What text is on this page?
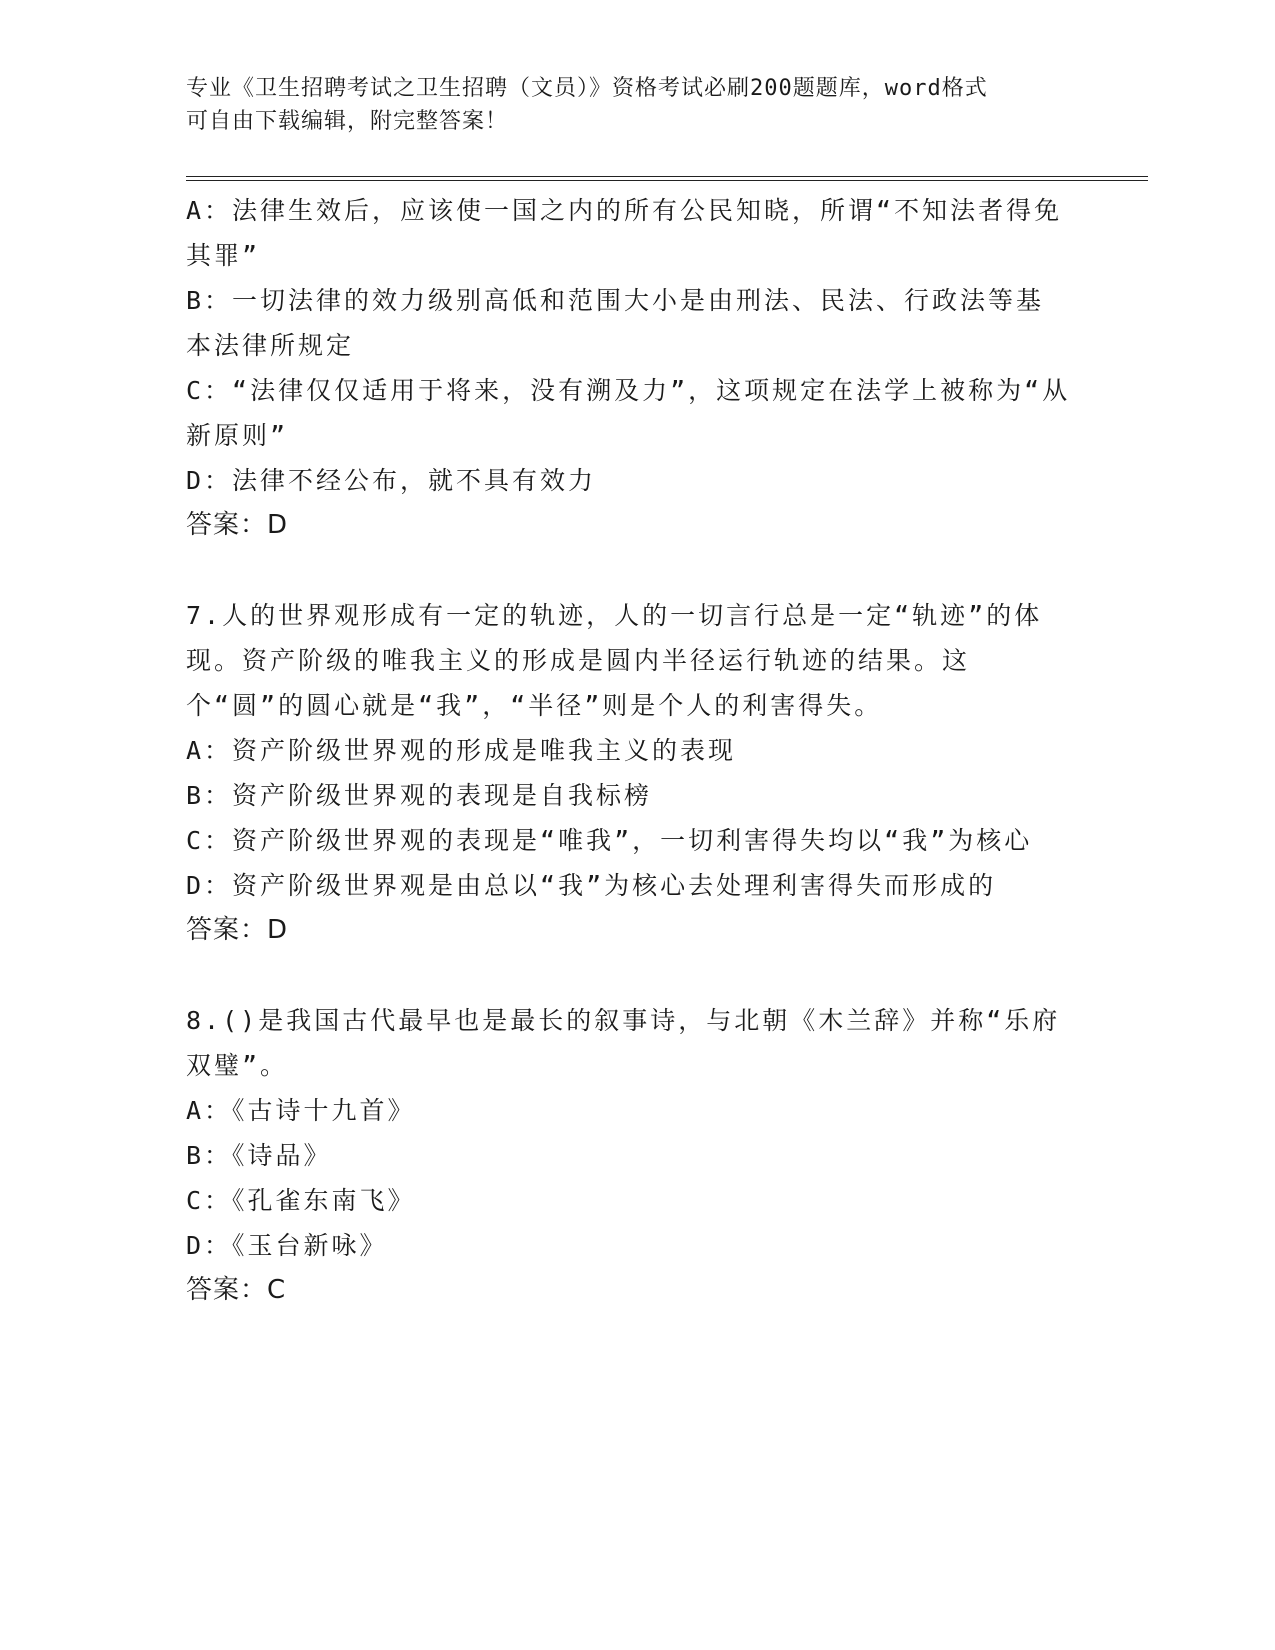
专业《卫生招聘考试之卫生招聘（文员）》资格考试必刷200题题库，word格式
可自由下载编辑，附完整答案！

A：法律生效后，应该使一国之内的所有公民知晓，所谓“不知法者得免其罪”

B：一切法律的效力级别高低和范围大小是由刑法、民法、行政法等基本法律所规定

C：“法律仅仅适用于将来，没有溯及力”，这项规定在法学上被称为“从新原则”

D：法律不经公布，就不具有效力

答案：D

7.人的世界观形成有一定的轨迹，人的一切言行总是一定“轨迹”的体现。资产阶级的唯我主义的形成是圆内半径运行轨迹的结果。这个“圆”的圆心就是“我”，“半径”则是个人的利害得失。

A：资产阶级世界观的形成是唯我主义的表现

B：资产阶级世界观的表现是自我标榜

C：资产阶级世界观的表现是“唯我”，一切利害得失均以“我”为核心

D：资产阶级世界观是由总以“我”为核心去处理利害得失而形成的

答案：D

8.()是我国古代最早也是最长的叙事诗，与北朝《木兰辞》并称“乐府双璧”。

A：《古诗十九首》

B：《诗品》

C：《孔雀东南飞》

D：《玉台新咏》

答案：C
